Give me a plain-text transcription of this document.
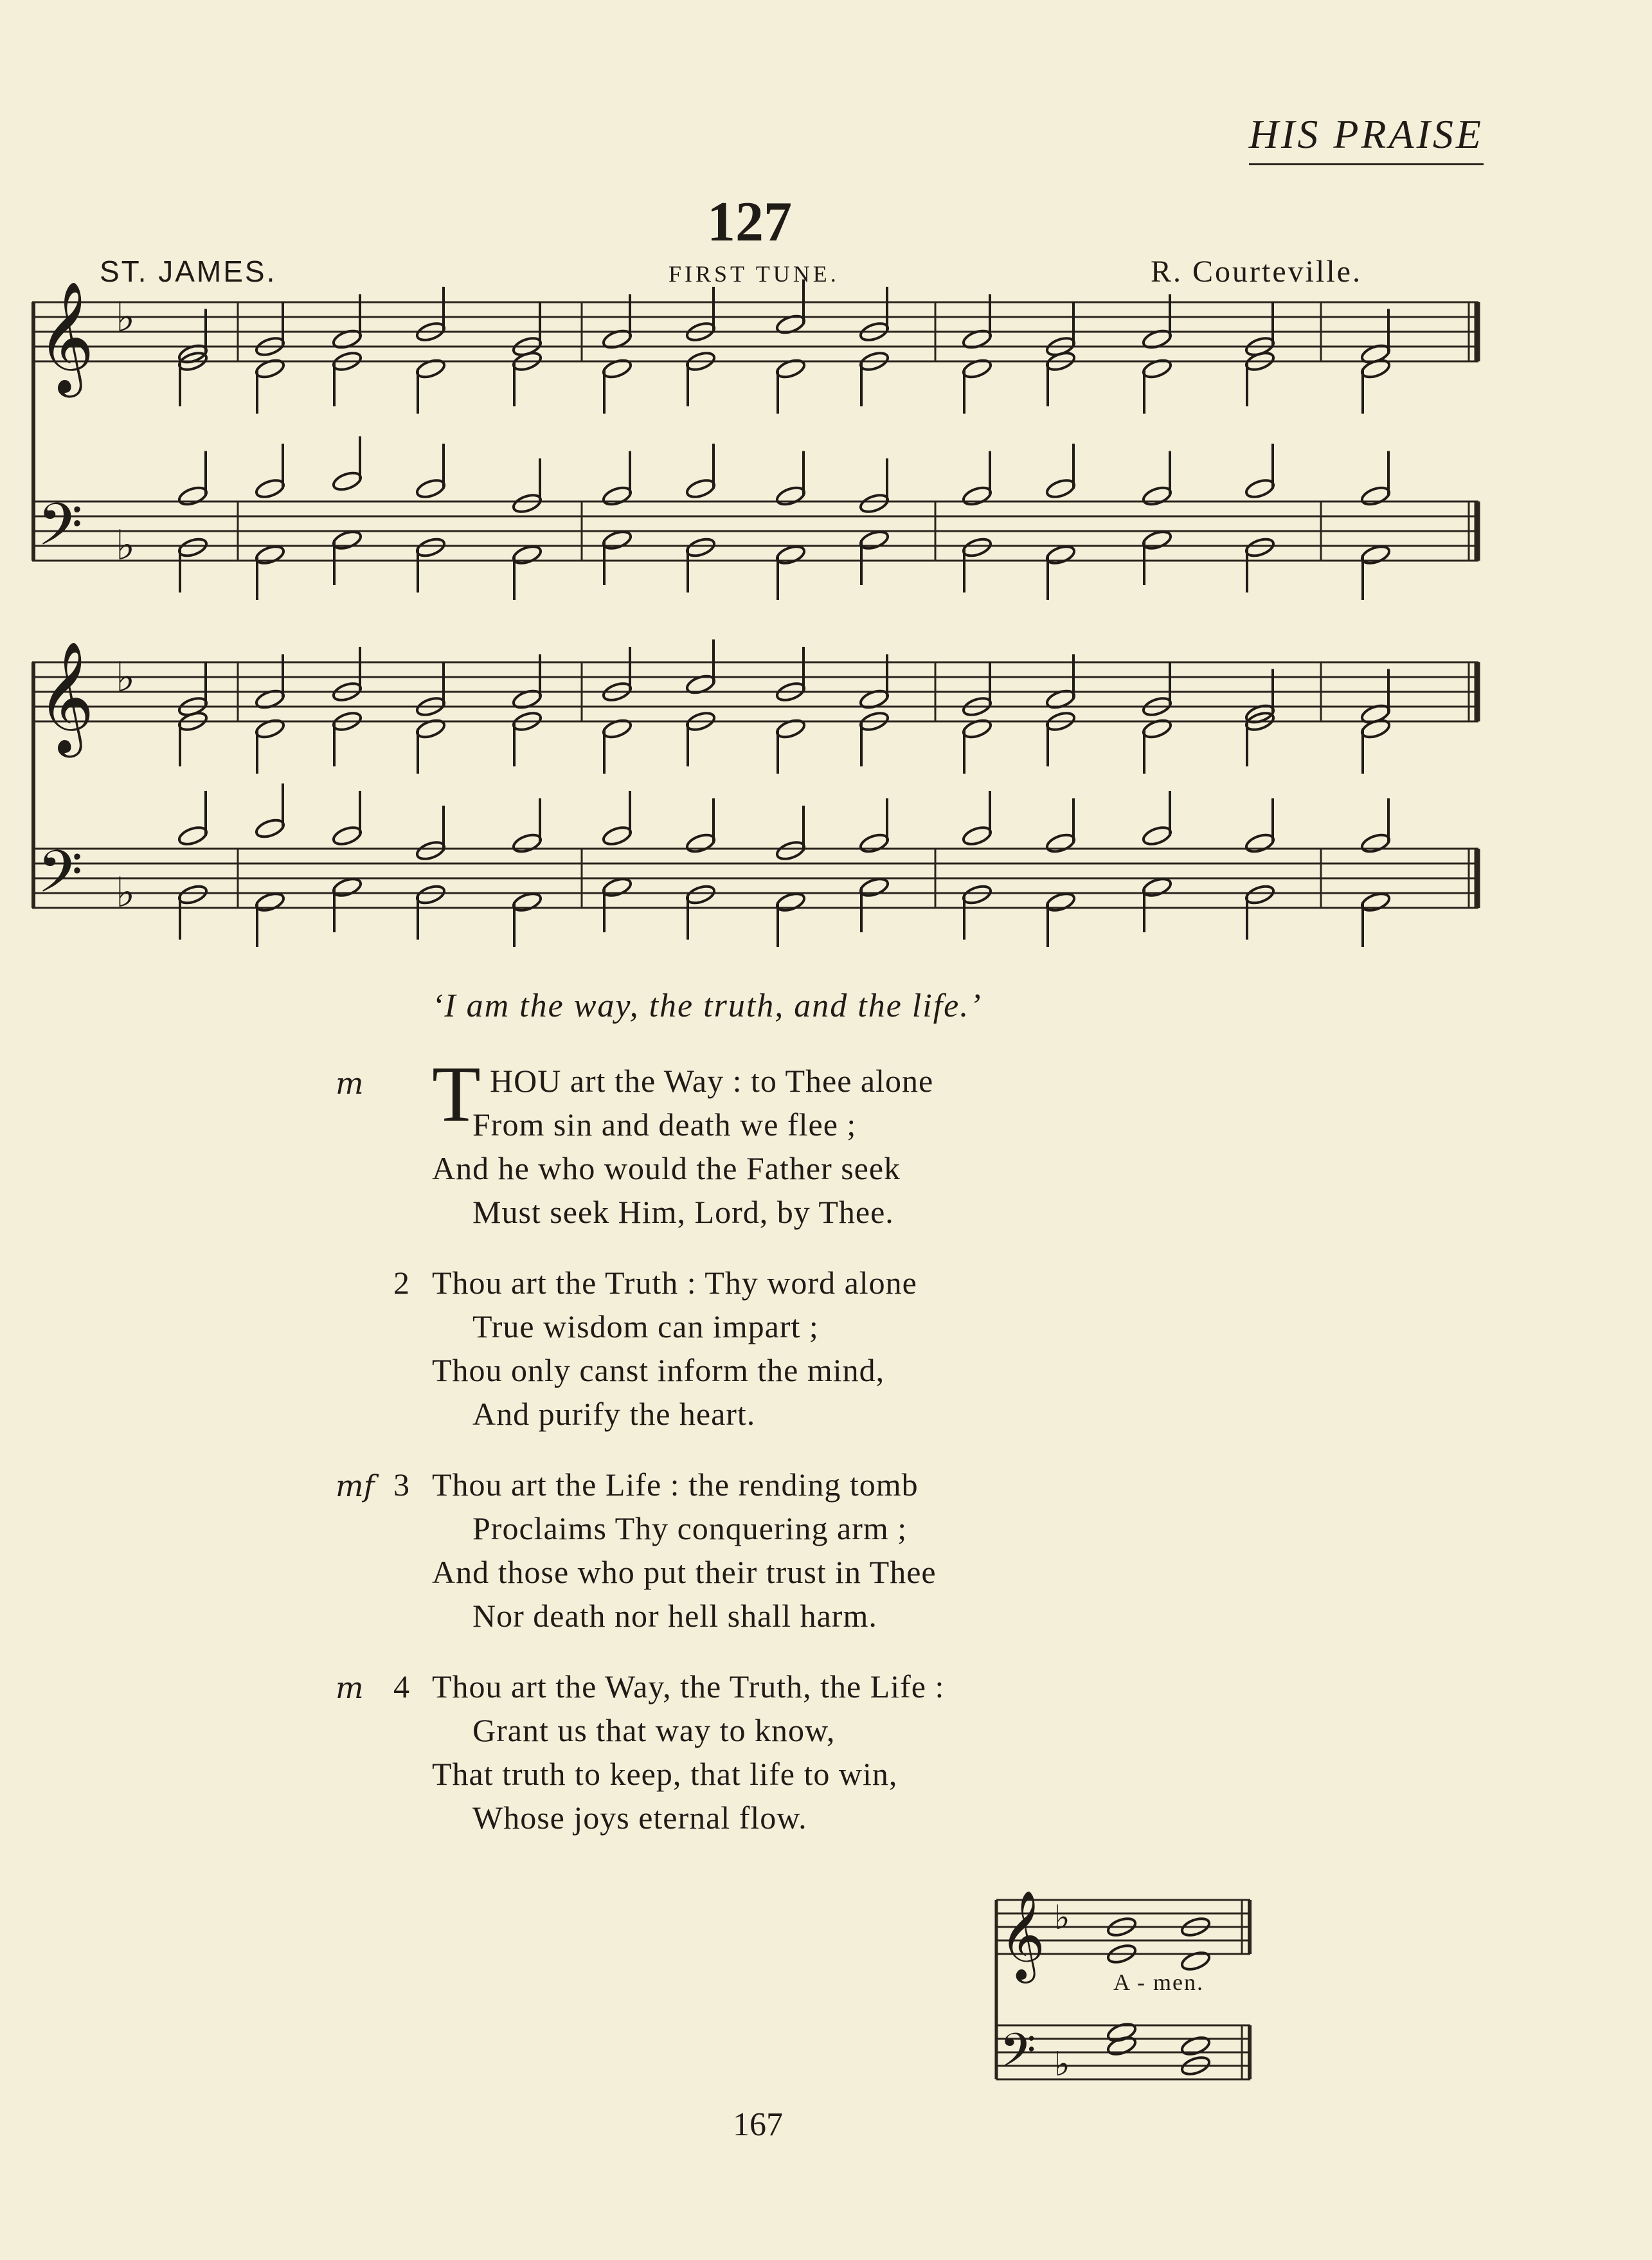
HIS PRAISE
127
ST. JAMES.	FIRST TUNE.	R. Courteville.
𝄞
𝄢
𝄞
𝄢
♭
♭
♭
♭
𝄞
𝄢
♭
♭
‘I am the way, the truth, and the life.’
m T HOU art the Way : to Thee alone
From sin and death we flee ;
And he who would the Father seek
Must seek Him, Lord, by Thee.
2 Thou art the Truth : Thy word alone
True wisdom can impart ;
Thou only canst inform the mind,
And purify the heart.
mf 3 Thou art the Life : the rending tomb
Proclaims Thy conquering arm ;
And those who put their trust in Thee
Nor death nor hell shall harm.
m 4 Thou art the Way, the Truth, the Life :
Grant us that way to know,
That truth to keep, that life to win,
Whose joys eternal flow.
A - men.
167
